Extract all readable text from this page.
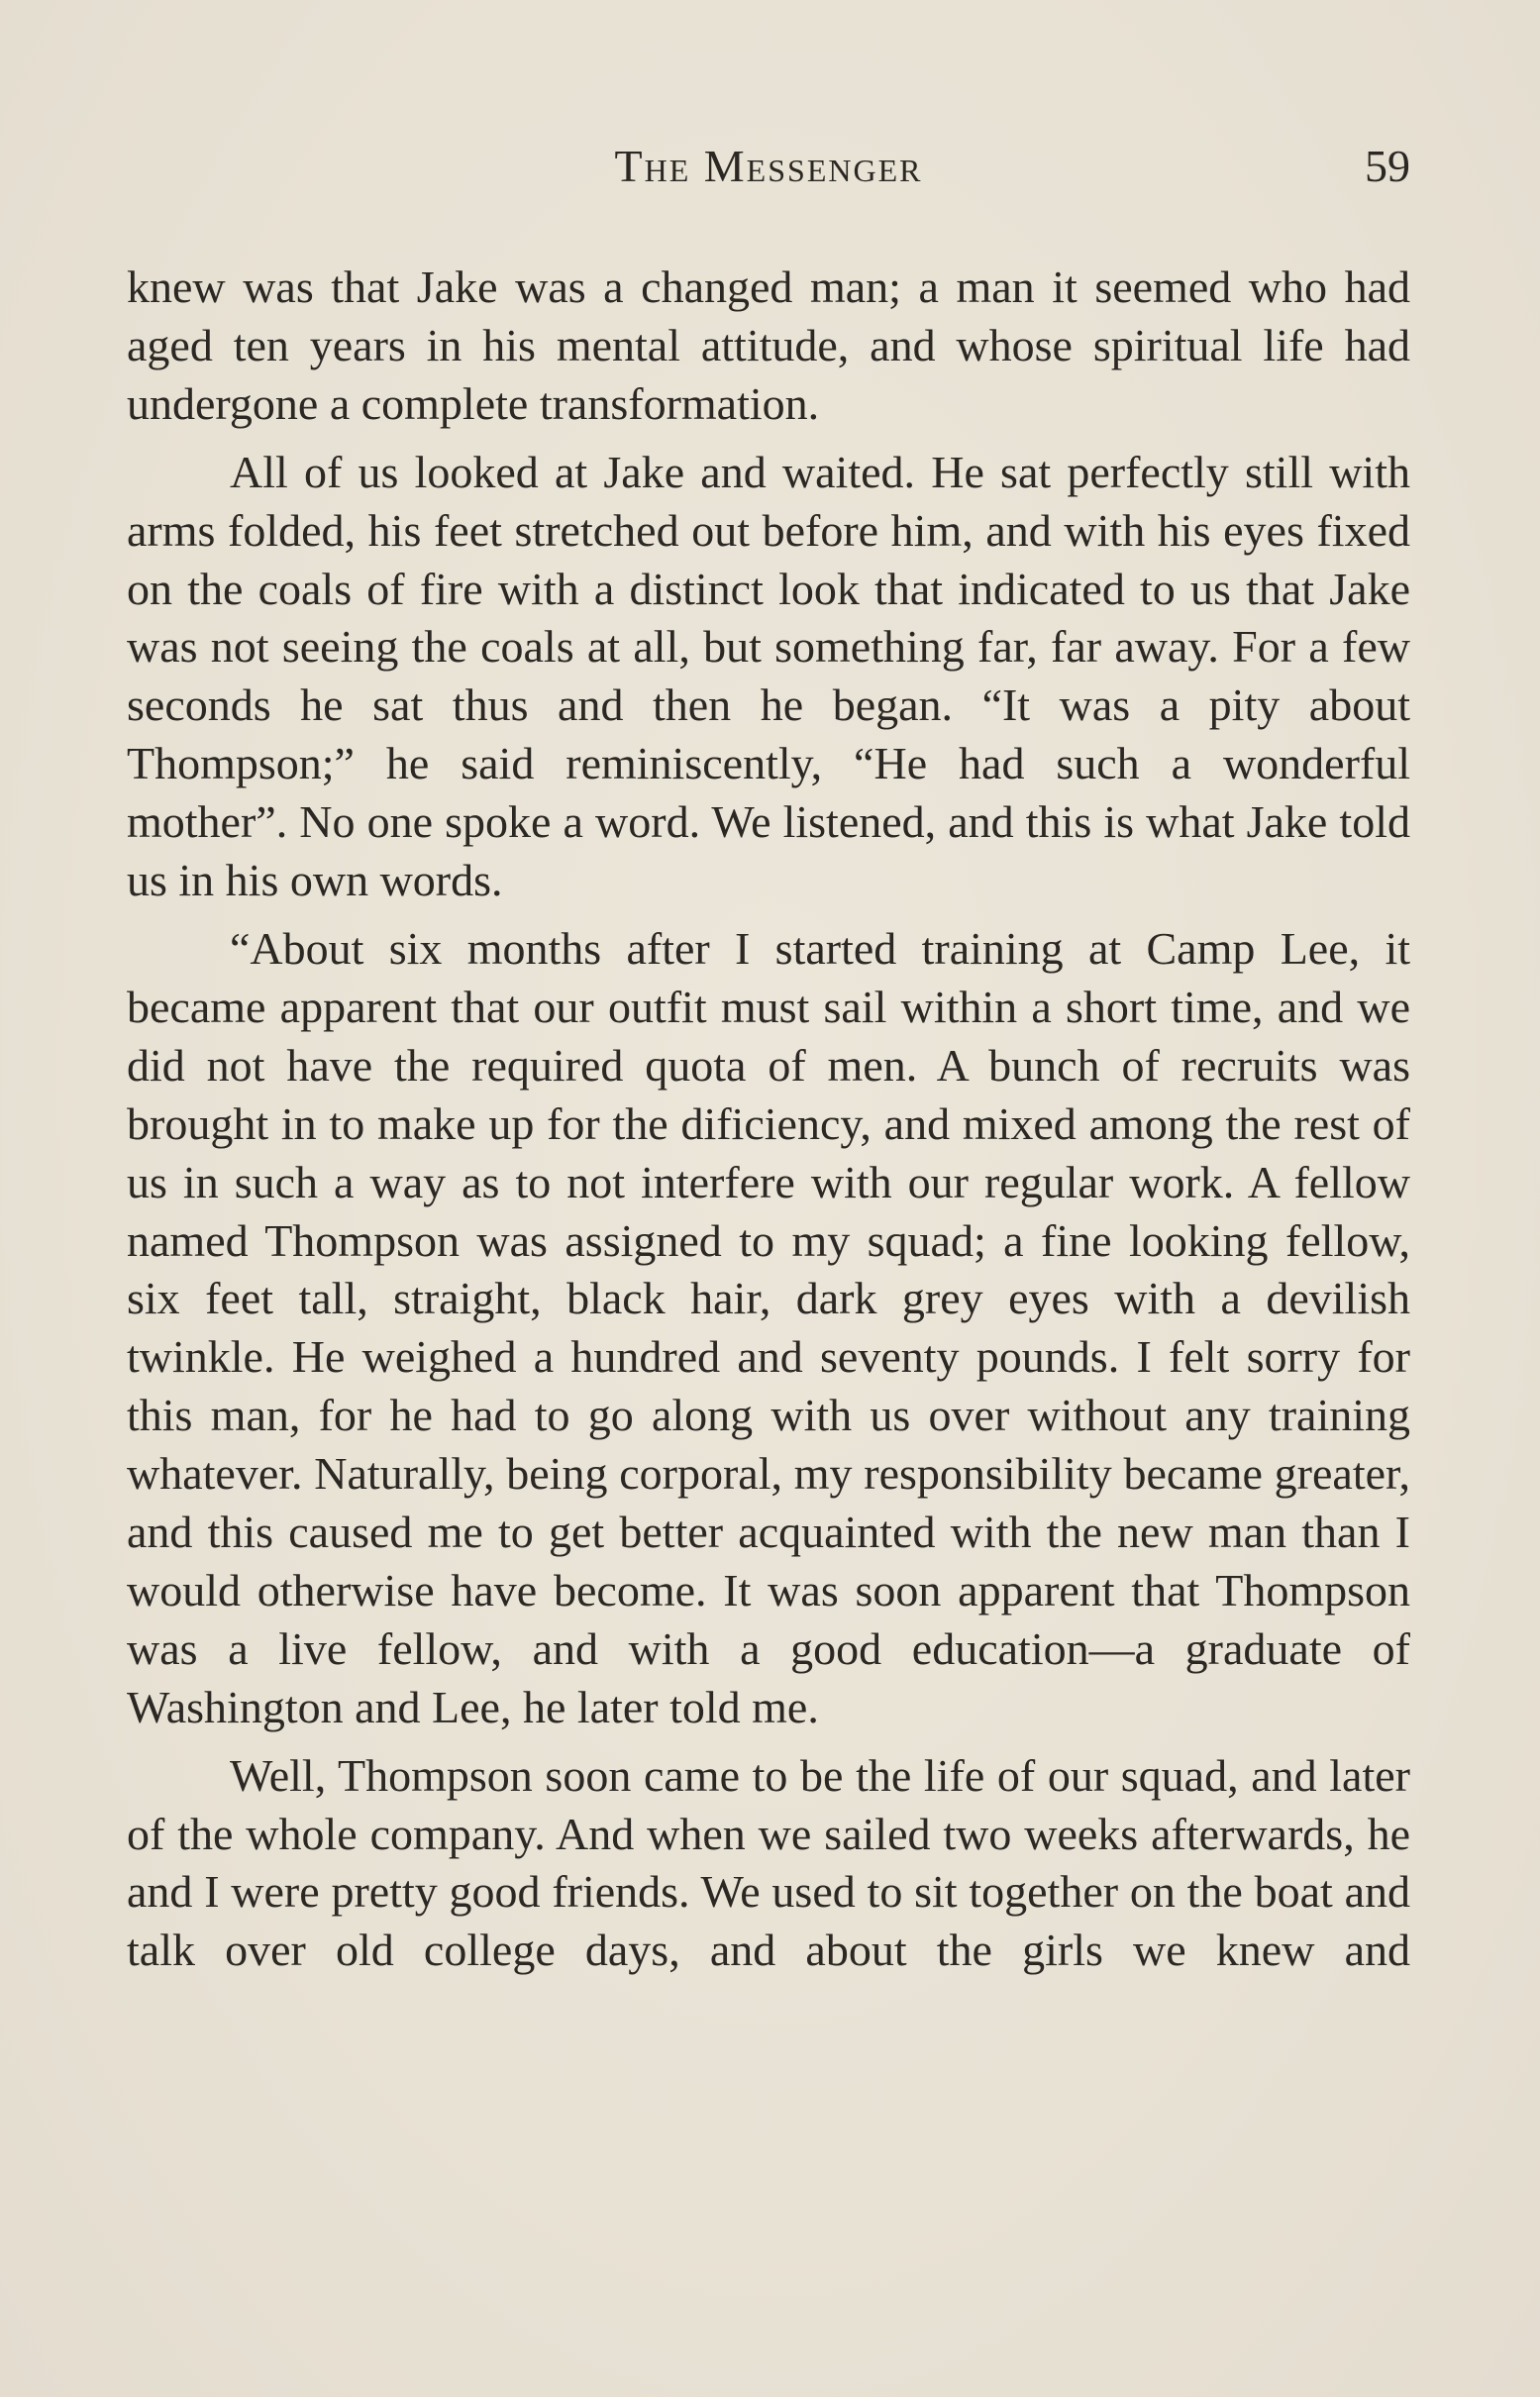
The Messenger	59

knew was that Jake was a changed man; a man it seemed who had aged ten years in his mental attitude, and whose spiritual life had undergone a complete transformation.

All of us looked at Jake and waited. He sat perfectly still with arms folded, his feet stretched out before him, and with his eyes fixed on the coals of fire with a distinct look that indicated to us that Jake was not seeing the coals at all, but something far, far away. For a few seconds he sat thus and then he began. “It was a pity about Thompson;” he said reminiscently, “He had such a wonderful mother”. No one spoke a word. We listened, and this is what Jake told us in his own words.

“About six months after I started training at Camp Lee, it became apparent that our outfit must sail within a short time, and we did not have the required quota of men. A bunch of recruits was brought in to make up for the dificiency, and mixed among the rest of us in such a way as to not interfere with our regular work. A fellow named Thompson was assigned to my squad; a fine looking fellow, six feet tall, straight, black hair, dark grey eyes with a devilish twinkle. He weighed a hundred and seventy pounds. I felt sorry for this man, for he had to go along with us over without any training whatever. Naturally, being corporal, my responsibility became greater, and this caused me to get better acquainted with the new man than I would otherwise have become. It was soon apparent that Thompson was a live fellow, and with a good education—a graduate of Washington and Lee, he later told me.

Well, Thompson soon came to be the life of our squad, and later of the whole company. And when we sailed two weeks afterwards, he and I were pretty good friends. We used to sit together on the boat and talk over old college days, and about the girls we knew and
